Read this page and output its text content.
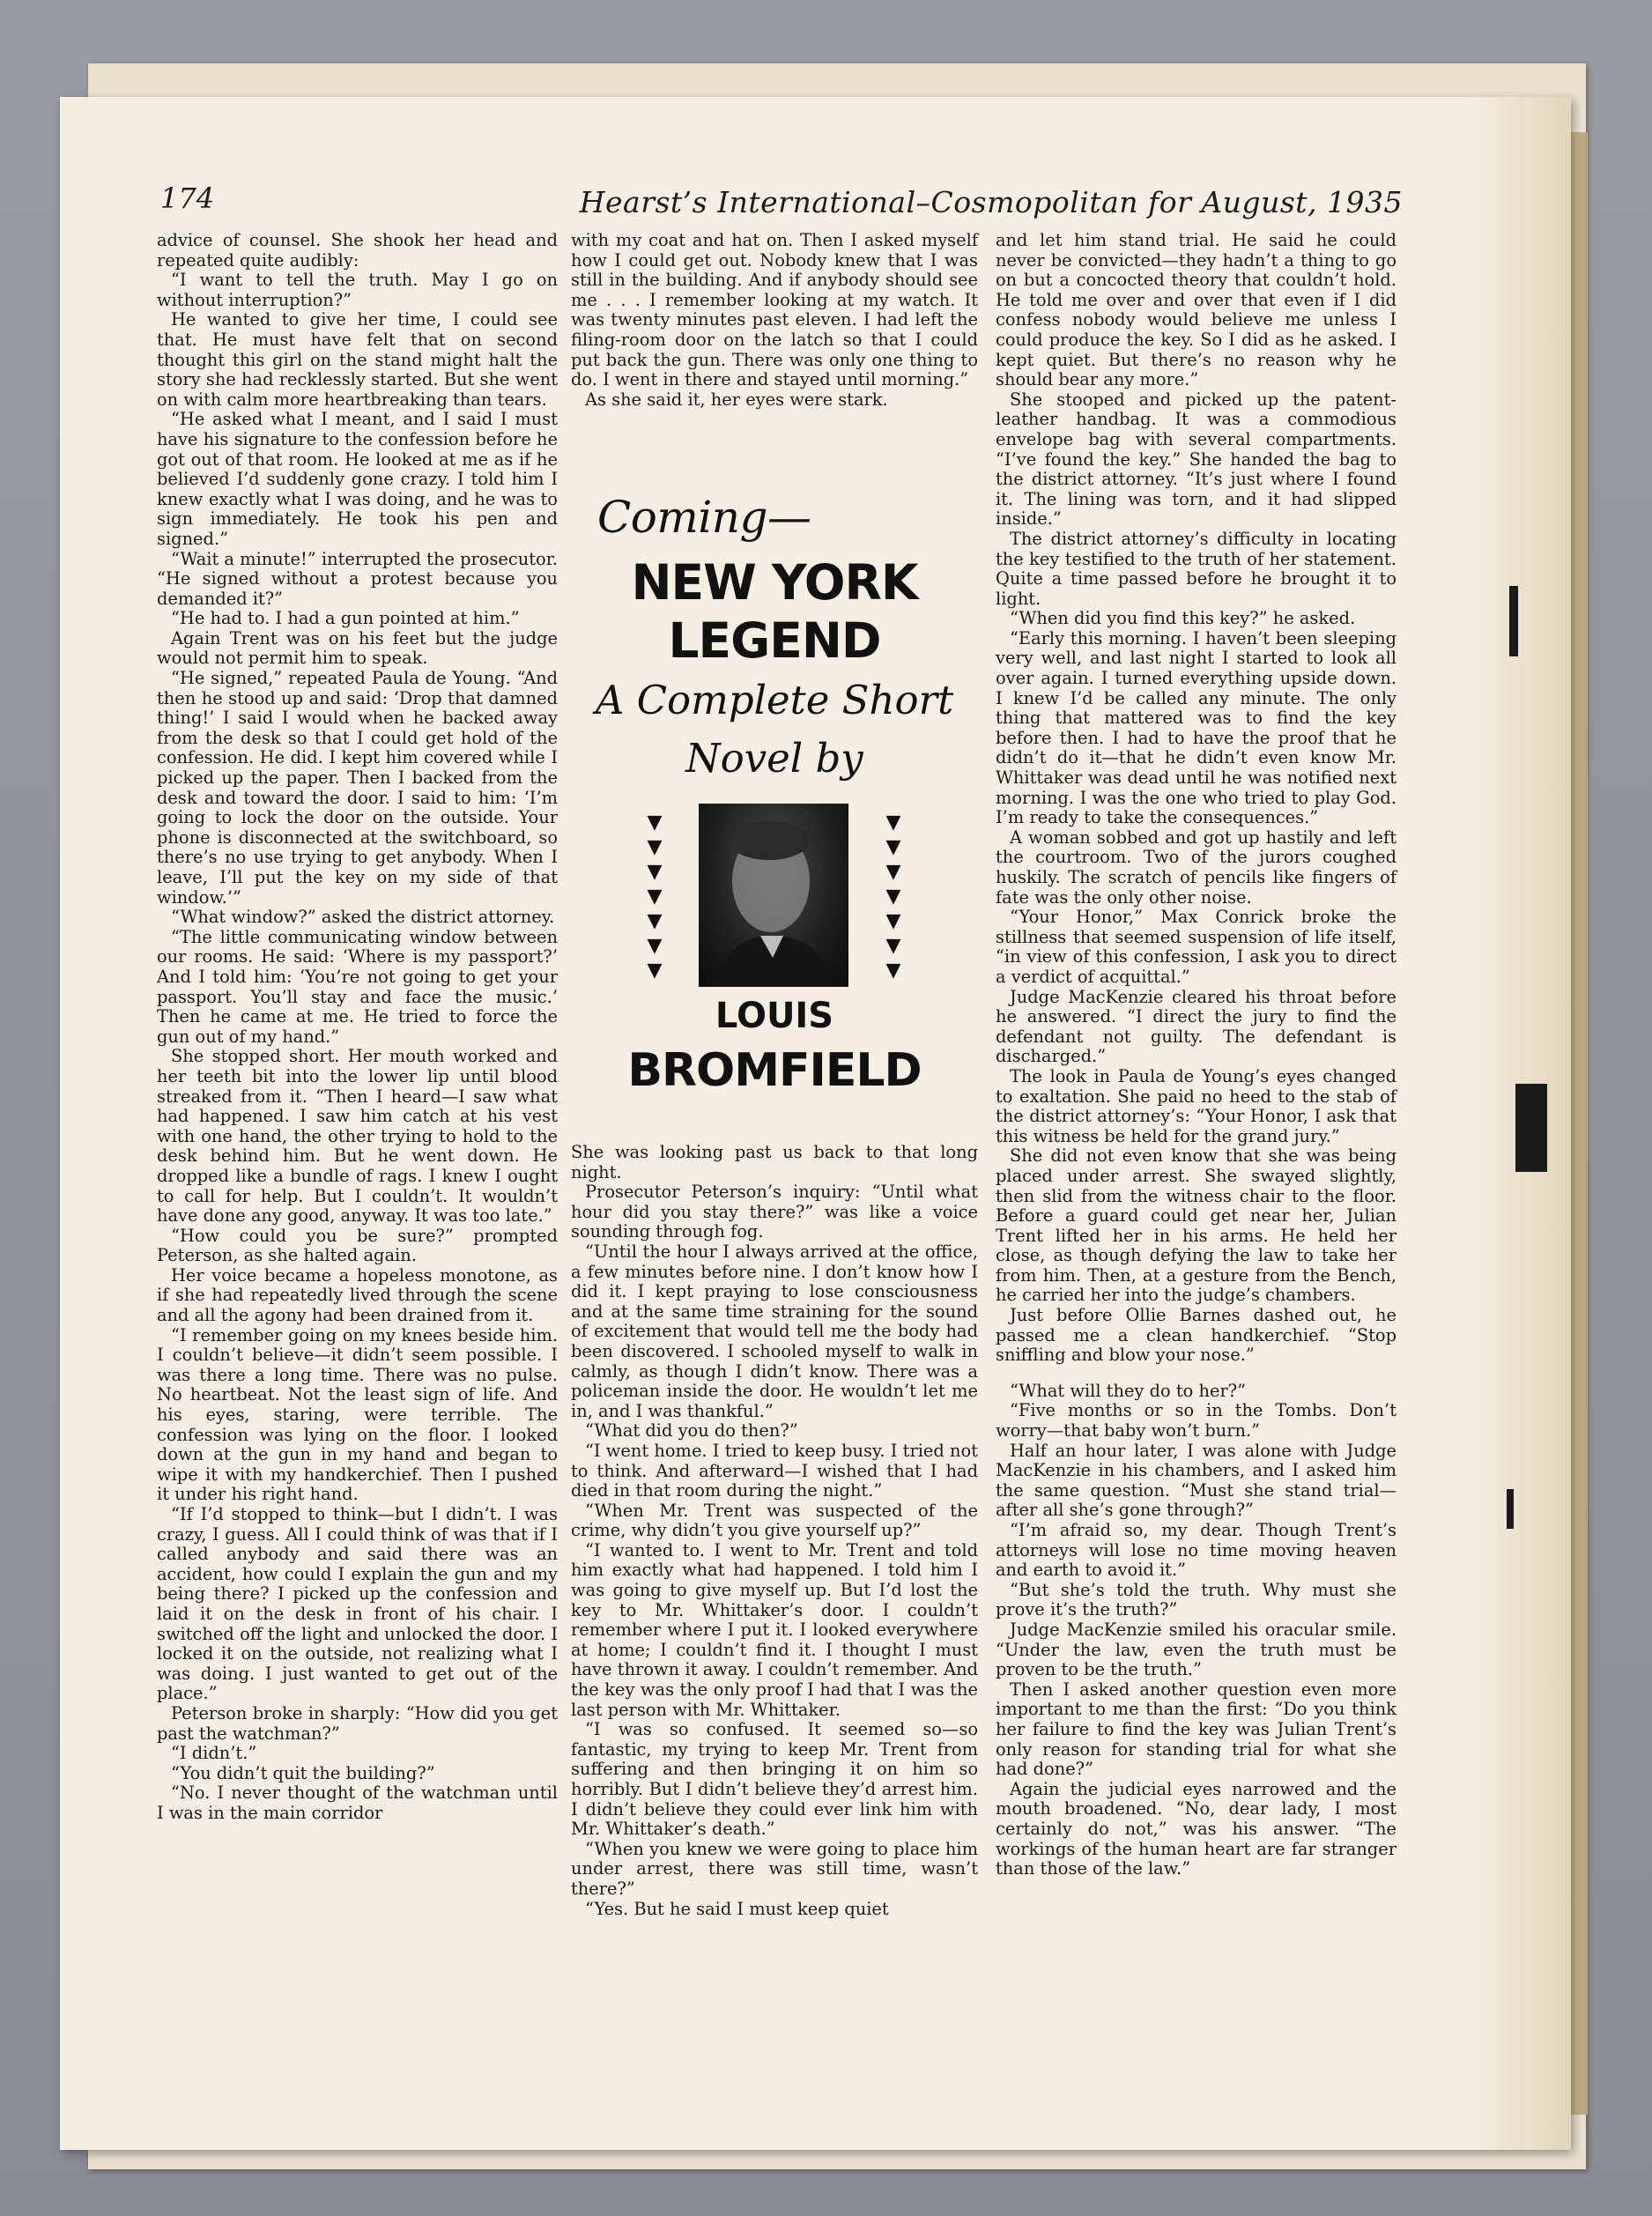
174	Hearst’s International–Cosmopolitan for August, 1935

advice of counsel. She shook her head and repeated quite audibly:

“I want to tell the truth. May I go on without interruption?”

He wanted to give her time, I could see that. He must have felt that on second thought this girl on the stand might halt the story she had recklessly started. But she went on with calm more heartbreaking than tears.

“He asked what I meant, and I said I must have his signature to the confession before he got out of that room. He looked at me as if he believed I’d suddenly gone crazy. I told him I knew exactly what I was doing, and he was to sign immediately. He took his pen and signed.”

“Wait a minute!” interrupted the prosecutor. “He signed without a protest because you demanded it?”

“He had to. I had a gun pointed at him.”

Again Trent was on his feet but the judge would not permit him to speak.

“He signed,” repeated Paula de Young. “And then he stood up and said: ‘Drop that damned thing!’ I said I would when he backed away from the desk so that I could get hold of the confession. He did. I kept him covered while I picked up the paper. Then I backed from the desk and toward the door. I said to him: ‘I’m going to lock the door on the outside. Your phone is disconnected at the switchboard, so there’s no use trying to get anybody. When I leave, I’ll put the key on my side of that window.’”

“What window?” asked the district attorney.

“The little communicating window between our rooms. He said: ‘Where is my passport?’ And I told him: ‘You’re not going to get your passport. You’ll stay and face the music.’ Then he came at me. He tried to force the gun out of my hand.”

She stopped short. Her mouth worked and her teeth bit into the lower lip until blood streaked from it. “Then I heard—I saw what had happened. I saw him catch at his vest with one hand, the other trying to hold to the desk behind him. But he went down. He dropped like a bundle of rags. I knew I ought to call for help. But I couldn’t. It wouldn’t have done any good, anyway. It was too late.”

“How could you be sure?” prompted Peterson, as she halted again.

Her voice became a hopeless monotone, as if she had repeatedly lived through the scene and all the agony had been drained from it.

“I remember going on my knees beside him. I couldn’t believe—it didn’t seem possible. I was there a long time. There was no pulse. No heartbeat. Not the least sign of life. And his eyes, staring, were terrible. The confession was lying on the floor. I looked down at the gun in my hand and began to wipe it with my handkerchief. Then I pushed it under his right hand.

“If I’d stopped to think—but I didn’t. I was crazy, I guess. All I could think of was that if I called anybody and said there was an accident, how could I explain the gun and my being there? I picked up the confession and laid it on the desk in front of his chair. I switched off the light and unlocked the door. I locked it on the outside, not realizing what I was doing. I just wanted to get out of the place.”

Peterson broke in sharply: “How did you get past the watchman?”

“I didn’t.”

“You didn’t quit the building?”

“No. I never thought of the watchman until I was in the main corridor

with my coat and hat on. Then I asked myself how I could get out. Nobody knew that I was still in the building. And if anybody should see me . . . I remember looking at my watch. It was twenty minutes past eleven. I had left the filing-room door on the latch so that I could put back the gun. There was only one thing to do. I went in there and stayed until morning.”

As she said it, her eyes were stark.

Coming—
NEW YORK
LEGEND
A Complete Short
Novel by
▼
▼
▼
▼
▼
▼
▼
▼
▼
▼
▼
▼
▼
▼
LOUIS
BROMFIELD

She was looking past us back to that long night.

Prosecutor Peterson’s inquiry: “Until what hour did you stay there?” was like a voice sounding through fog.

“Until the hour I always arrived at the office, a few minutes before nine. I don’t know how I did it. I kept praying to lose consciousness and at the same time straining for the sound of excitement that would tell me the body had been discovered. I schooled myself to walk in calmly, as though I didn’t know. There was a policeman inside the door. He wouldn’t let me in, and I was thankful.”

“What did you do then?”

“I went home. I tried to keep busy. I tried not to think. And afterward—I wished that I had died in that room during the night.”

“When Mr. Trent was suspected of the crime, why didn’t you give yourself up?”

“I wanted to. I went to Mr. Trent and told him exactly what had happened. I told him I was going to give myself up. But I’d lost the key to Mr. Whittaker’s door. I couldn’t remember where I put it. I looked everywhere at home; I couldn’t find it. I thought I must have thrown it away. I couldn’t remember. And the key was the only proof I had that I was the last person with Mr. Whittaker.

“I was so confused. It seemed so—so fantastic, my trying to keep Mr. Trent from suffering and then bringing it on him so horribly. But I didn’t believe they’d arrest him. I didn’t believe they could ever link him with Mr. Whittaker’s death.”

“When you knew we were going to place him under arrest, there was still time, wasn’t there?”

“Yes. But he said I must keep quiet

and let him stand trial. He said he could never be convicted—they hadn’t a thing to go on but a concocted theory that couldn’t hold. He told me over and over that even if I did confess nobody would believe me unless I could produce the key. So I did as he asked. I kept quiet. But there’s no reason why he should bear any more.”

She stooped and picked up the patent-leather handbag. It was a commodious envelope bag with several compartments. “I’ve found the key.” She handed the bag to the district attorney. “It’s just where I found it. The lining was torn, and it had slipped inside.”

The district attorney’s difficulty in locating the key testified to the truth of her statement. Quite a time passed before he brought it to light.

“When did you find this key?” he asked.

“Early this morning. I haven’t been sleeping very well, and last night I started to look all over again. I turned everything upside down. I knew I’d be called any minute. The only thing that mattered was to find the key before then. I had to have the proof that he didn’t do it—that he didn’t even know Mr. Whittaker was dead until he was notified next morning. I was the one who tried to play God. I’m ready to take the consequences.”

A woman sobbed and got up hastily and left the courtroom. Two of the jurors coughed huskily. The scratch of pencils like fingers of fate was the only other noise.

“Your Honor,” Max Conrick broke the stillness that seemed suspension of life itself, “in view of this confession, I ask you to direct a verdict of acquittal.”

Judge MacKenzie cleared his throat before he answered. “I direct the jury to find the defendant not guilty. The defendant is discharged.”

The look in Paula de Young’s eyes changed to exaltation. She paid no heed to the stab of the district attorney’s: “Your Honor, I ask that this witness be held for the grand jury.”

She did not even know that she was being placed under arrest. She swayed slightly, then slid from the witness chair to the floor. Before a guard could get near her, Julian Trent lifted her in his arms. He held her close, as though defying the law to take her from him. Then, at a gesture from the Bench, he carried her into the judge’s chambers.

Just before Ollie Barnes dashed out, he passed me a clean handkerchief. “Stop sniffling and blow your nose.”

“What will they do to her?”

“Five months or so in the Tombs. Don’t worry—that baby won’t burn.”

Half an hour later, I was alone with Judge MacKenzie in his chambers, and I asked him the same question. “Must she stand trial—after all she’s gone through?”

“I’m afraid so, my dear. Though Trent’s attorneys will lose no time moving heaven and earth to avoid it.”

“But she’s told the truth. Why must she prove it’s the truth?”

Judge MacKenzie smiled his oracular smile. “Under the law, even the truth must be proven to be the truth.”

Then I asked another question even more important to me than the first: “Do you think her failure to find the key was Julian Trent’s only reason for standing trial for what she had done?”

Again the judicial eyes narrowed and the mouth broadened. “No, dear lady, I most certainly do not,” was his answer. “The workings of the human heart are far stranger than those of the law.”
